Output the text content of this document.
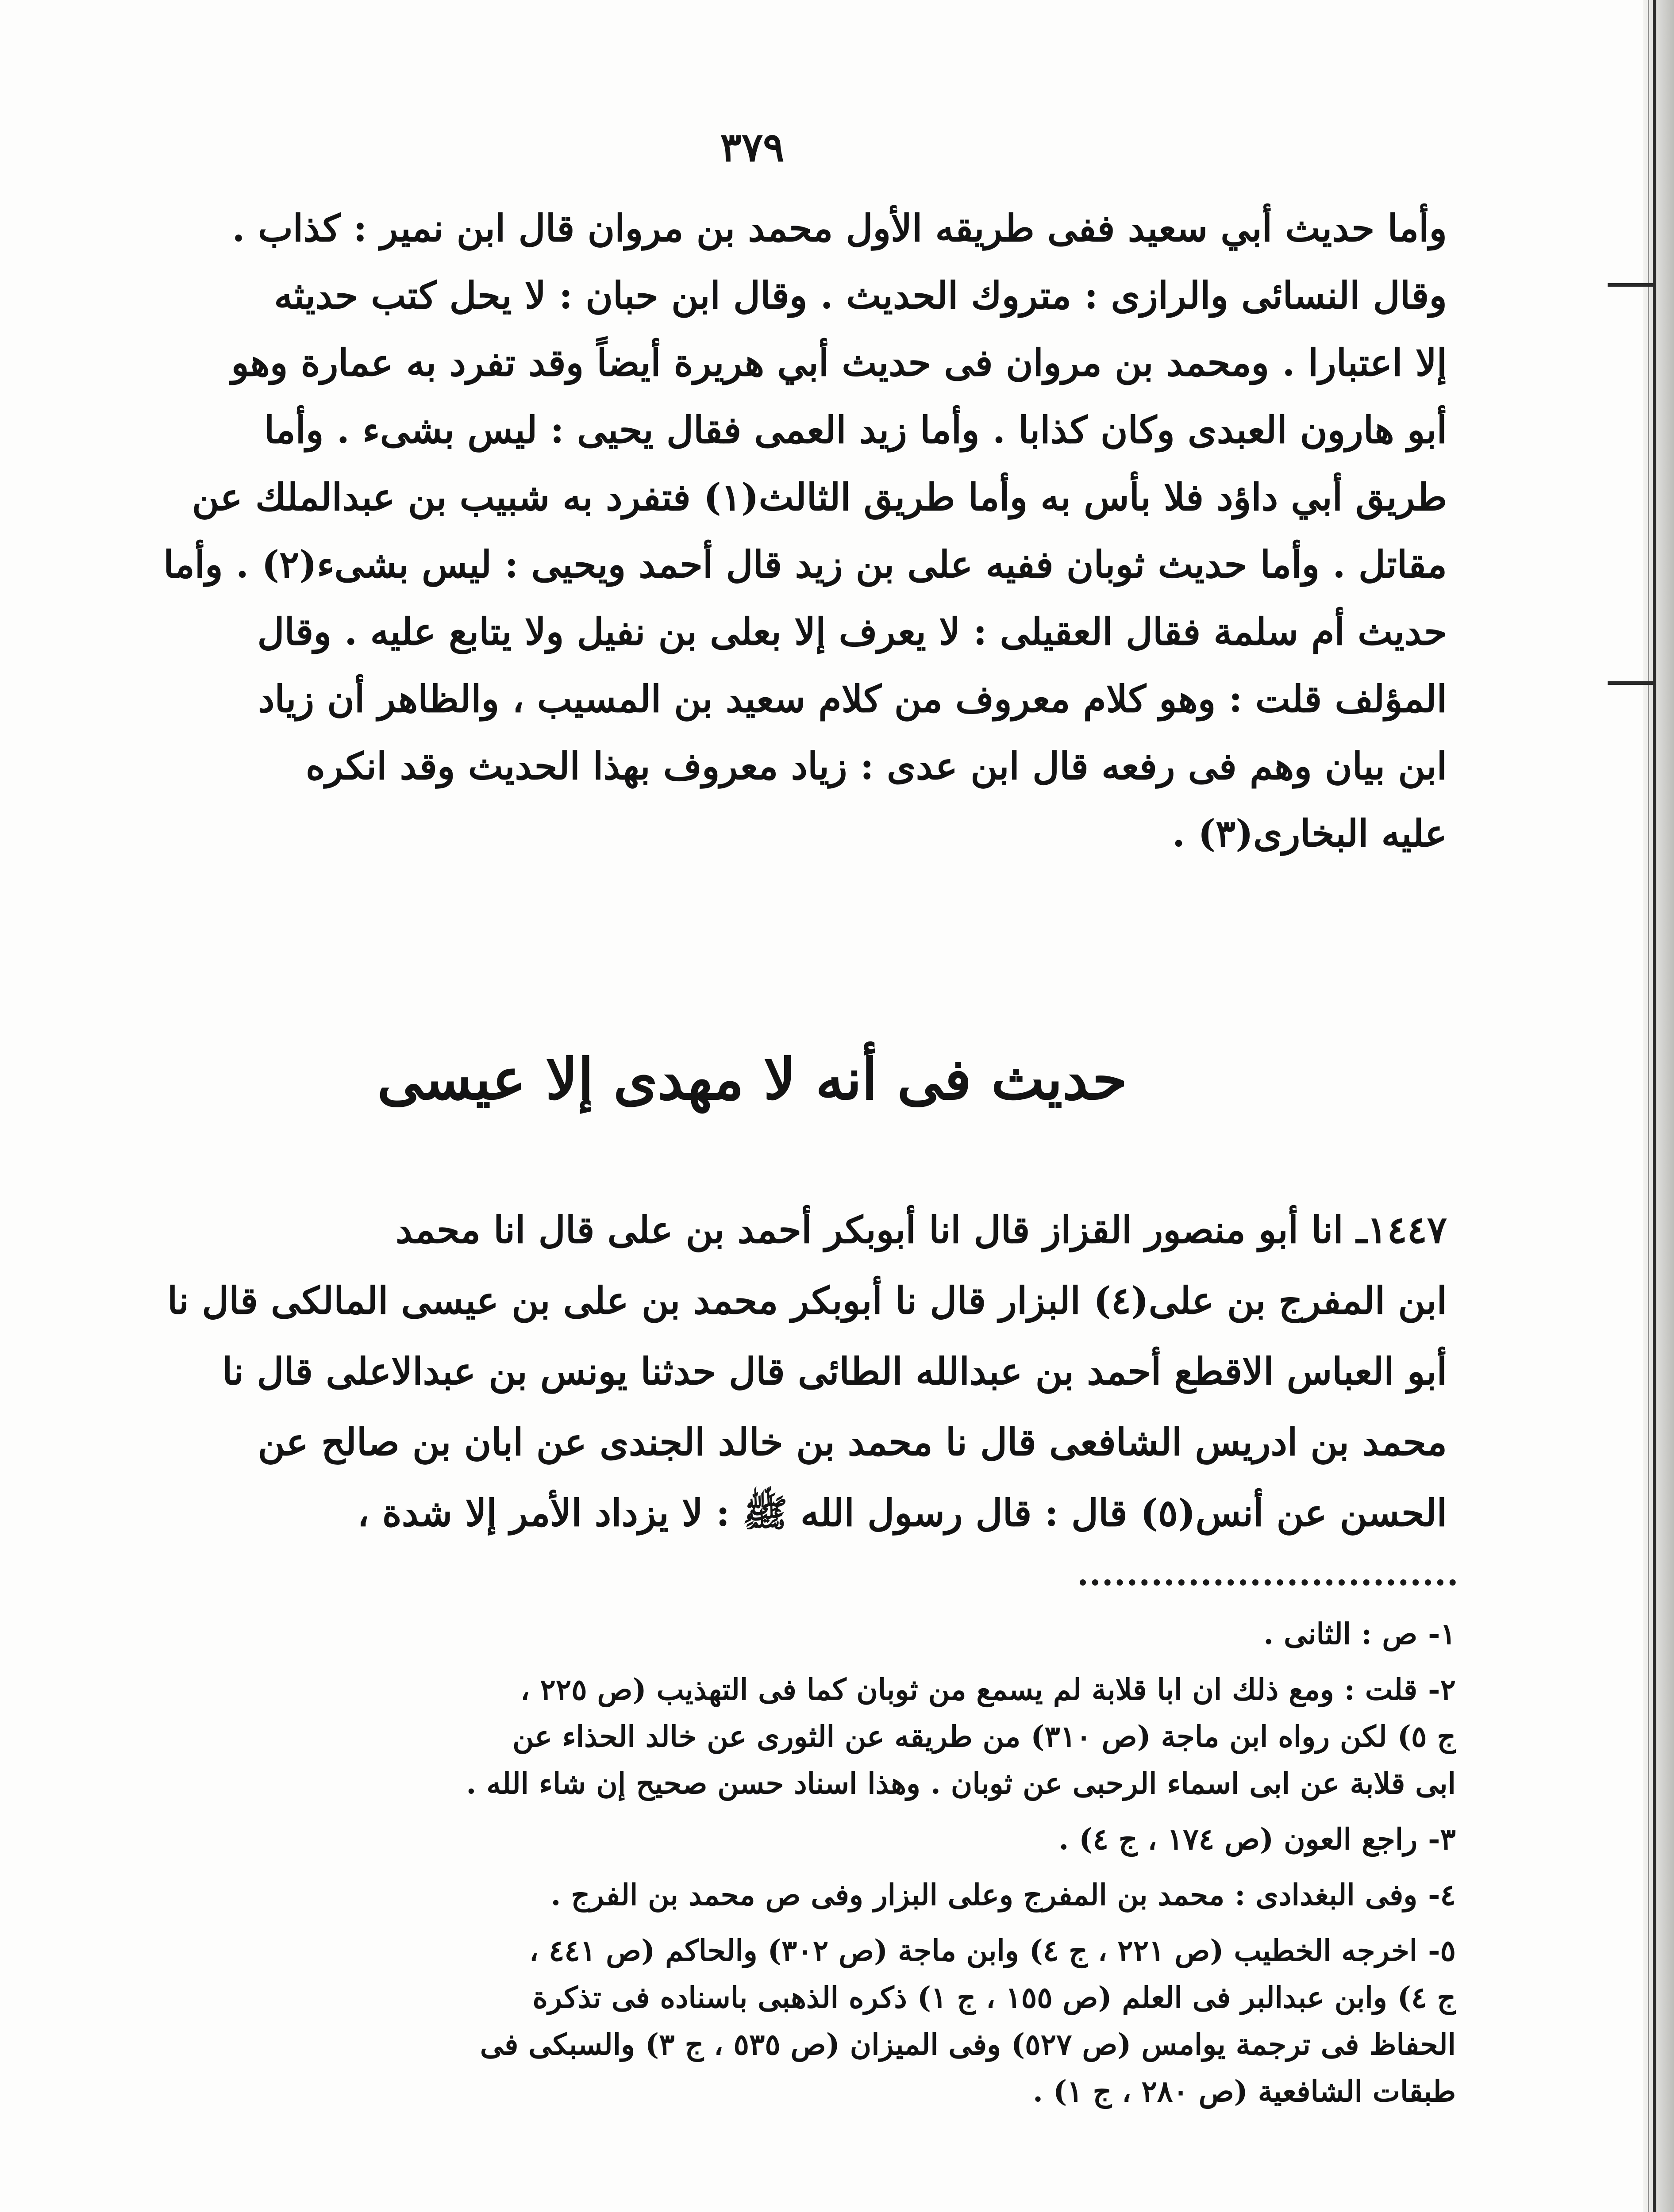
٣٧٩
وأما حديث أبي سعيد ففى طريقه الأول محمد بن مروان قال ابن نمير : كذاب .
وقال النسائى والرازى : متروك الحديث . وقال ابن حبان : لا يحل كتب حديثه
إلا اعتبارا . ومحمد بن مروان فى حديث أبي هريرة أيضاً وقد تفرد به عمارة وهو
أبو هارون العبدى وكان كذابا . وأما زيد العمى فقال يحيى : ليس بشىء . وأما
طريق أبي داؤد فلا بأس به وأما طريق الثالث(١) فتفرد به شبيب بن عبدالملك عن
مقاتل . وأما حديث ثوبان ففيه على بن زيد قال أحمد ويحيى : ليس بشىء(٢) . وأما
حديث أم سلمة فقال العقيلى : لا يعرف إلا بعلى بن نفيل ولا يتابع عليه . وقال
المؤلف قلت : وهو كلام معروف من كلام سعيد بن المسيب ، والظاهر أن زياد
ابن بيان وهم فى رفعه قال ابن عدى : زياد معروف بهذا الحديث وقد انكره
عليه البخارى(٣) .
حديث فى أنه لا مهدى إلا عيسى
١٤٤٧ـ انا أبو منصور القزاز قال انا أبوبكر أحمد بن على قال انا محمد
ابن المفرج بن على(٤) البزار قال نا أبوبكر محمد بن على بن عيسى المالكى قال نا
أبو العباس الاقطع أحمد بن عبدالله الطائى قال حدثنا يونس بن عبدالاعلى قال نا
محمد بن ادريس الشافعى قال نا محمد بن خالد الجندى عن ابان بن صالح عن
الحسن عن أنس(٥) قال : قال رسول الله ﷺ : لا يزداد الأمر إلا شدة ،
١-ص : الثانى .
٢-قلت : ومع ذلك ان ابا قلابة لم يسمع من ثوبان كما فى التهذيب (ص ٢٢٥ ،
ج ٥) لكن رواه ابن ماجة (ص ٣١٠) من طريقه عن الثورى عن خالد الحذاء عن
ابى قلابة عن ابى اسماء الرحبى عن ثوبان . وهذا اسناد حسن صحيح إن شاء الله .
٣-راجع العون (ص ١٧٤ ، ج ٤) .
٤-وفى البغدادى : محمد بن المفرج وعلى البزار وفى ص محمد بن الفرج .
٥-اخرجه الخطيب (ص ٢٢١ ، ج ٤) وابن ماجة (ص ٣٠٢) والحاكم (ص ٤٤١ ،
ج ٤) وابن عبدالبر فى العلم (ص ١٥٥ ، ج ١) ذكره الذهبى باسناده فى تذكرة
الحفاظ فى ترجمة يوامس (ص ٥٢٧) وفى الميزان (ص ٥٣٥ ، ج ٣) والسبكى فى
طبقات الشافعية (ص ٢٨٠ ، ج ١) .
